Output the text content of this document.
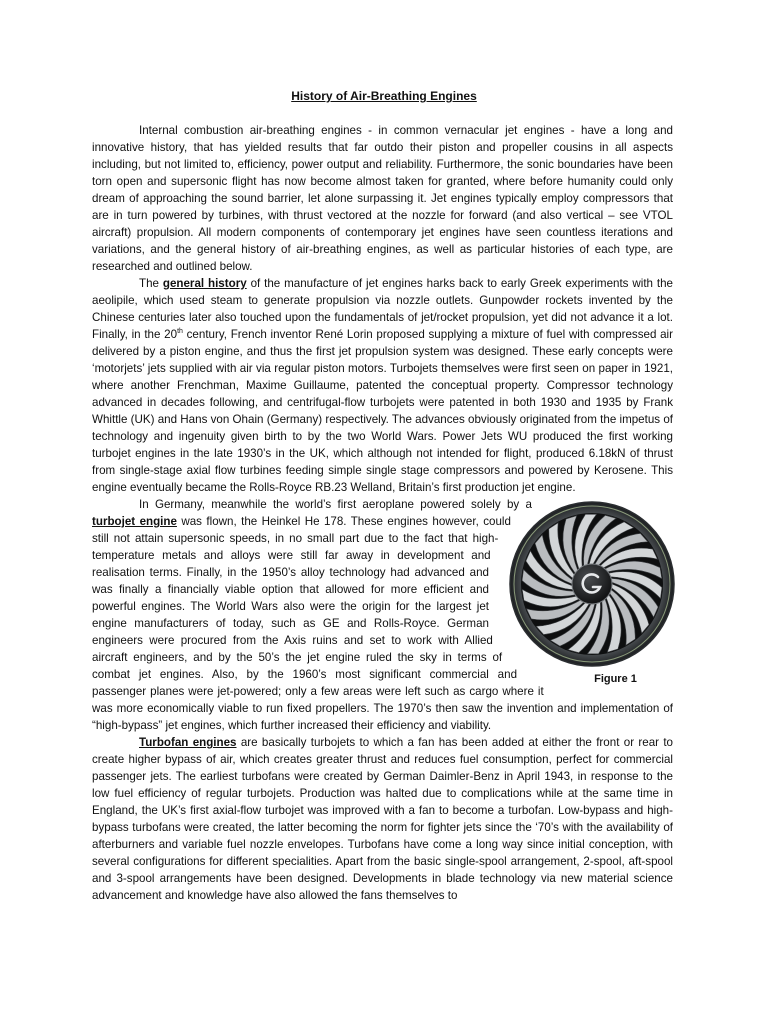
History of Air-Breathing Engines

Internal combustion air-breathing engines - in common vernacular jet engines - have a long and innovative history, that has yielded results that far outdo their piston and propeller cousins in all aspects including, but not limited to, efficiency, power output and reliability. Furthermore, the sonic boundaries have been torn open and supersonic flight has now become almost taken for granted, where before humanity could only dream of approaching the sound barrier, let alone surpassing it. Jet engines typically employ compressors that are in turn powered by turbines, with thrust vectored at the nozzle for forward (and also vertical – see VTOL aircraft) propulsion. All modern components of contemporary jet engines have seen countless iterations and variations, and the general history of air-breathing engines, as well as particular histories of each type, are researched and outlined below.

The general history of the manufacture of jet engines harks back to early Greek experiments with the aeolipile, which used steam to generate propulsion via nozzle outlets. Gunpowder rockets invented by the Chinese centuries later also touched upon the fundamentals of jet/rocket propulsion, yet did not advance it a lot. Finally, in the 20th century, French inventor René Lorin proposed supplying a mixture of fuel with compressed air delivered by a piston engine, and thus the first jet propulsion system was designed. These early concepts were ‘motorjets’ jets supplied with air via regular piston motors. Turbojets themselves were first seen on paper in 1921, where another Frenchman, Maxime Guillaume, patented the conceptual property. Compressor technology advanced in decades following, and centrifugal-flow turbojets were patented in both 1930 and 1935 by Frank Whittle (UK) and Hans von Ohain (Germany) respectively. The advances obviously originated from the impetus of technology and ingenuity given birth to by the two World Wars. Power Jets WU produced the first working turbojet engines in the late 1930’s in the UK, which although not intended for flight, produced 6.18kN of thrust from single-stage axial flow turbines feeding simple single stage compressors and powered by Kerosene. This engine eventually became the Rolls-Royce RB.23 Welland, Britain’s first production jet engine.

Figure 1
In Germany, meanwhile the world’s first aeroplane powered solely by a turbojet engine was flown, the Heinkel He 178. These engines however, could still not attain supersonic speeds, in no small part due to the fact that high-temperature metals and alloys were still far away in development and realisation terms. Finally, in the 1950’s alloy technology had advanced and was finally a financially viable option that allowed for more efficient and powerful engines. The World Wars also were the origin for the largest jet engine manufacturers of today, such as GE and Rolls-Royce. German engineers were procured from the Axis ruins and set to work with Allied aircraft engineers, and by the 50’s the jet engine ruled the sky in terms of combat jet engines. Also, by the 1960’s most significant commercial and passenger planes were jet-powered; only a few areas were left such as cargo where it was more economically viable to run fixed propellers. The 1970’s then saw the invention and implementation of “high-bypass” jet engines, which further increased their efficiency and viability.

Turbofan engines are basically turbojets to which a fan has been added at either the front or rear to create higher bypass of air, which creates greater thrust and reduces fuel consumption, perfect for commercial passenger jets. The earliest turbofans were created by German Daimler-Benz in April 1943, in response to the low fuel efficiency of regular turbojets. Production was halted due to complications while at the same time in England, the UK’s first axial-flow turbojet was improved with a fan to become a turbofan. Low-bypass and high-bypass turbofans were created, the latter becoming the norm for fighter jets since the ‘70’s with the availability of afterburners and variable fuel nozzle envelopes. Turbofans have come a long way since initial conception, with several configurations for different specialities. Apart from the basic single-spool arrangement, 2-spool, aft-spool and 3-spool arrangements have been designed. Developments in blade technology via new material science advancement and knowledge have also allowed the fans themselves to
